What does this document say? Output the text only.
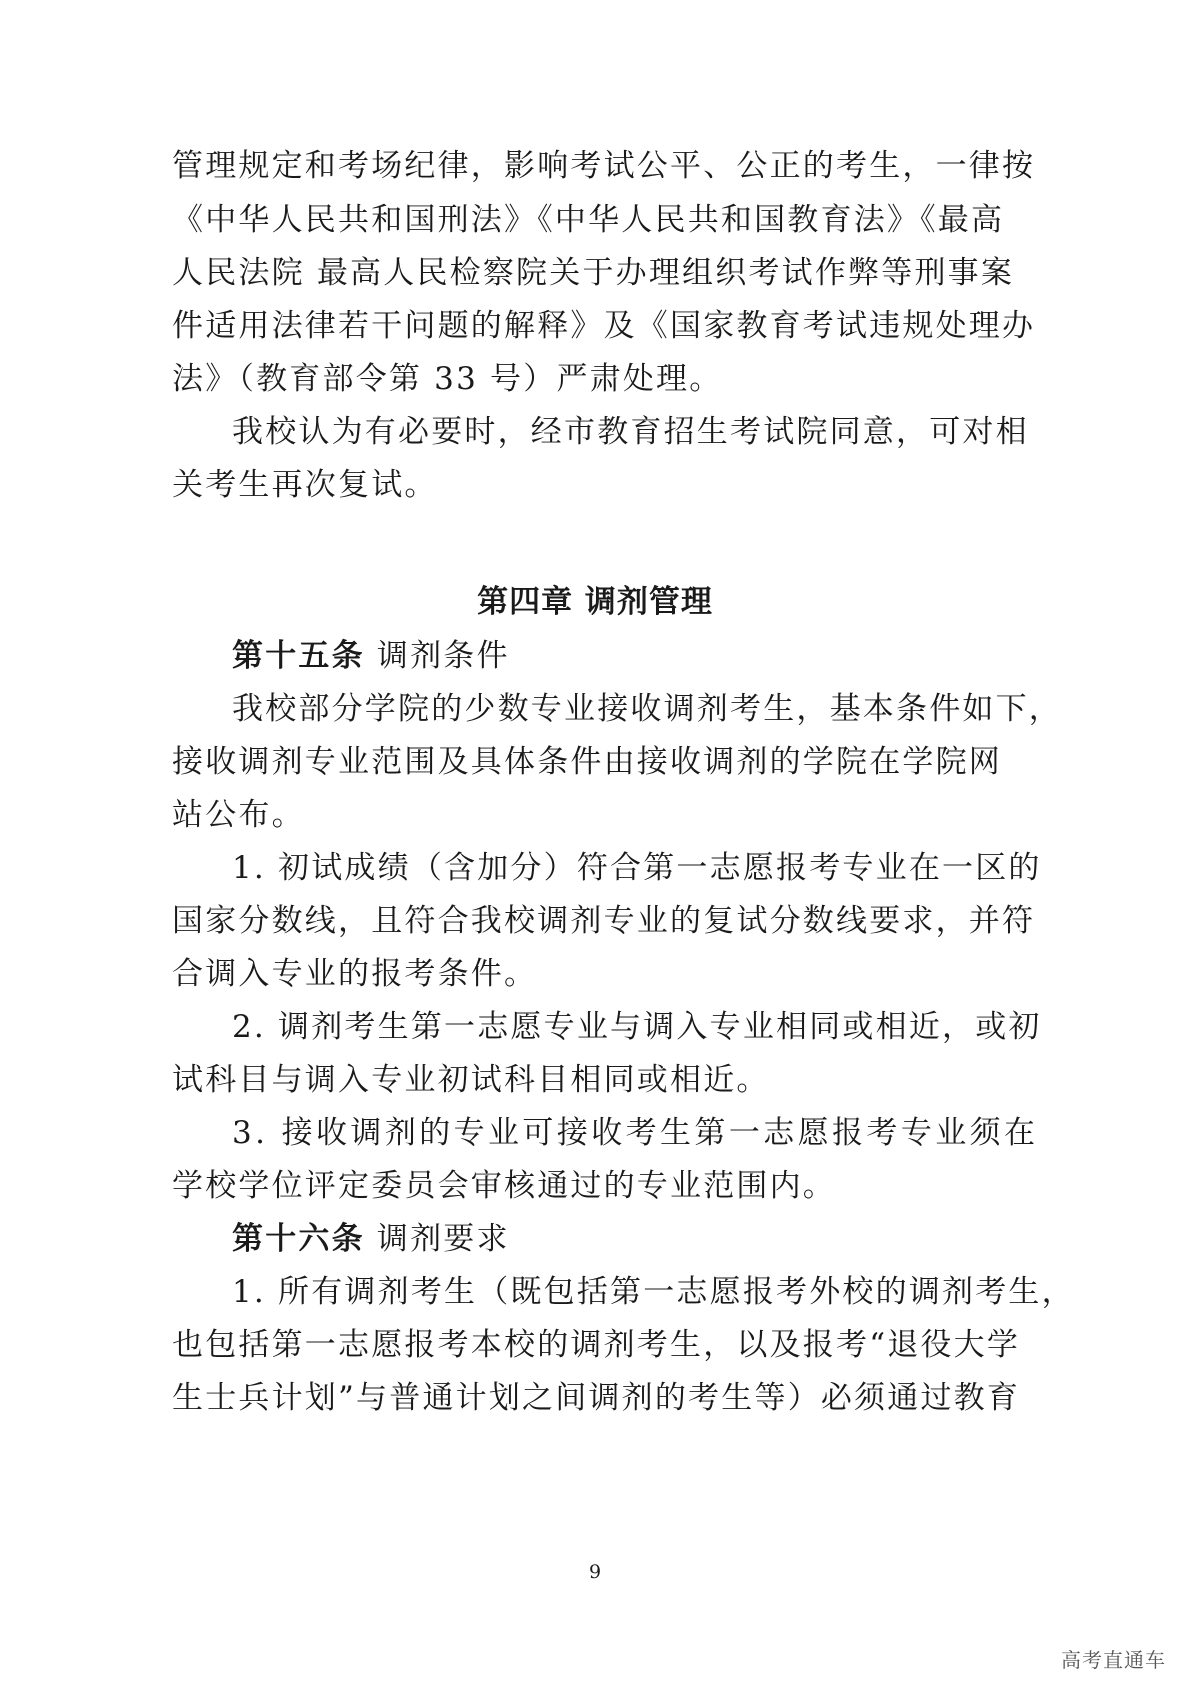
管理规定和考场纪律，影响考试公平、公正的考生，一律按
《中华人民共和国刑法》《中华人民共和国教育法》《最高
人民法院 最高人民检察院关于办理组织考试作弊等刑事案
件适用法律若干问题的解释》及《国家教育考试违规处理办
法》（教育部令第 33 号）严肃处理。
我校认为有必要时，经市教育招生考试院同意，可对相
关考生再次复试。
第四章 调剂管理
第十五条 调剂条件
我校部分学院的少数专业接收调剂考生，基本条件如下，
接收调剂专业范围及具体条件由接收调剂的学院在学院网
站公布。
1. 初试成绩（含加分）符合第一志愿报考专业在一区的
国家分数线，且符合我校调剂专业的复试分数线要求，并符
合调入专业的报考条件。
2. 调剂考生第一志愿专业与调入专业相同或相近，或初
试科目与调入专业初试科目相同或相近。
3. 接收调剂的专业可接收考生第一志愿报考专业须在
学校学位评定委员会审核通过的专业范围内。
第十六条 调剂要求
1. 所有调剂考生（既包括第一志愿报考外校的调剂考生，
也包括第一志愿报考本校的调剂考生，以及报考“退役大学
生士兵计划”与普通计划之间调剂的考生等）必须通过教育
9
高考直通车
